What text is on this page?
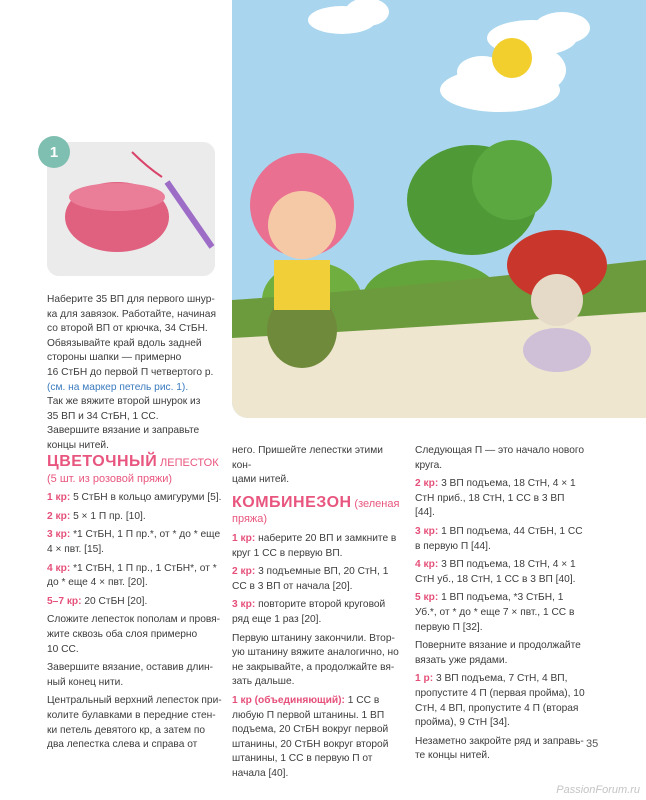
1
Наберите 35 ВП для первого шнур-
ка для завязок. Работайте, начиная
со второй ВП от крючка, 34 СтБН.
Обвязывайте край вдоль задней
стороны шапки — примерно
16 СтБН до первой П четвертого р.
(см. на маркер петель рис. 1).
Так же вяжите второй шнурок из
35 ВП и 34 СтБН, 1 СС.
Завершите вязание и заправьте
концы нитей.
ЦВЕТОЧНЫЙ ЛЕПЕСТОК (5 шт. из розовой пряжи)
1 кр: 5 СтБН в кольцо амигуруми [5].
2 кр: 5 × 1 П пр. [10].
3 кр: *1 СтБН, 1 П пр.*, от * до * еще 4 × пвт. [15].
4 кр: *1 СтБН, 1 П пр., 1 СтБН*, от * до * еще 4 × пвт. [20].
5–7 кр: 20 СтБН [20].
Сложите лепесток пополам и провя-
жите сквозь оба слоя примерно
10 СС.
Завершите вязание, оставив длин-
ный конец нити.
Центральный верхний лепесток при-
колите булавками в передние стен-
ки петель девятого кр, а затем по
два лепестка слева и справа от
него. Пришейте лепестки этими кон-
цами нитей.
КОМБИНЕЗОН (зеленая пряжа)
1 кр: наберите 20 ВП и замкните в круг 1 СС в первую ВП.
2 кр: 3 подъемные ВП, 20 СтН, 1 СС в 3 ВП от начала [20].
3 кр: повторите второй круговой ряд еще 1 раз [20].
Первую штанину закончили. Втор-
ую штанину вяжите аналогично, но
не закрывайте, а продолжайте вя-
зать дальше.
1 кр (объединяющий): 1 СС в любую П первой штанины. 1 ВП подъема, 20 СтБН вокруг первой штанины, 20 СтБН вокруг второй штанины, 1 СС в первую П от начала [40].
Следующая П — это начало нового
круга.
2 кр: 3 ВП подъема, 18 СтН, 4 × 1 СтН приб., 18 СтН, 1 СС в 3 ВП [44].
3 кр: 1 ВП подъема, 44 СтБН, 1 СС в первую П [44].
4 кр: 3 ВП подъема, 18 СтН, 4 × 1 СтН уб., 18 СтН, 1 СС в 3 ВП [40].
5 кр: 1 ВП подъема, *3 СтБН, 1 Уб.*, от * до * еще 7 × пвт., 1 СС в первую П [32].
Поверните вязание и продолжайте
вязать уже рядами.
1 р: 3 ВП подъема, 7 СтН, 4 ВП, пропустите 4 П (первая пройма), 10 СтН, 4 ВП, пропустите 4 П (вторая пройма), 9 СтН [34].
Незаметно закройте ряд и заправь-
те концы нитей.
35
PassionForum.ru
